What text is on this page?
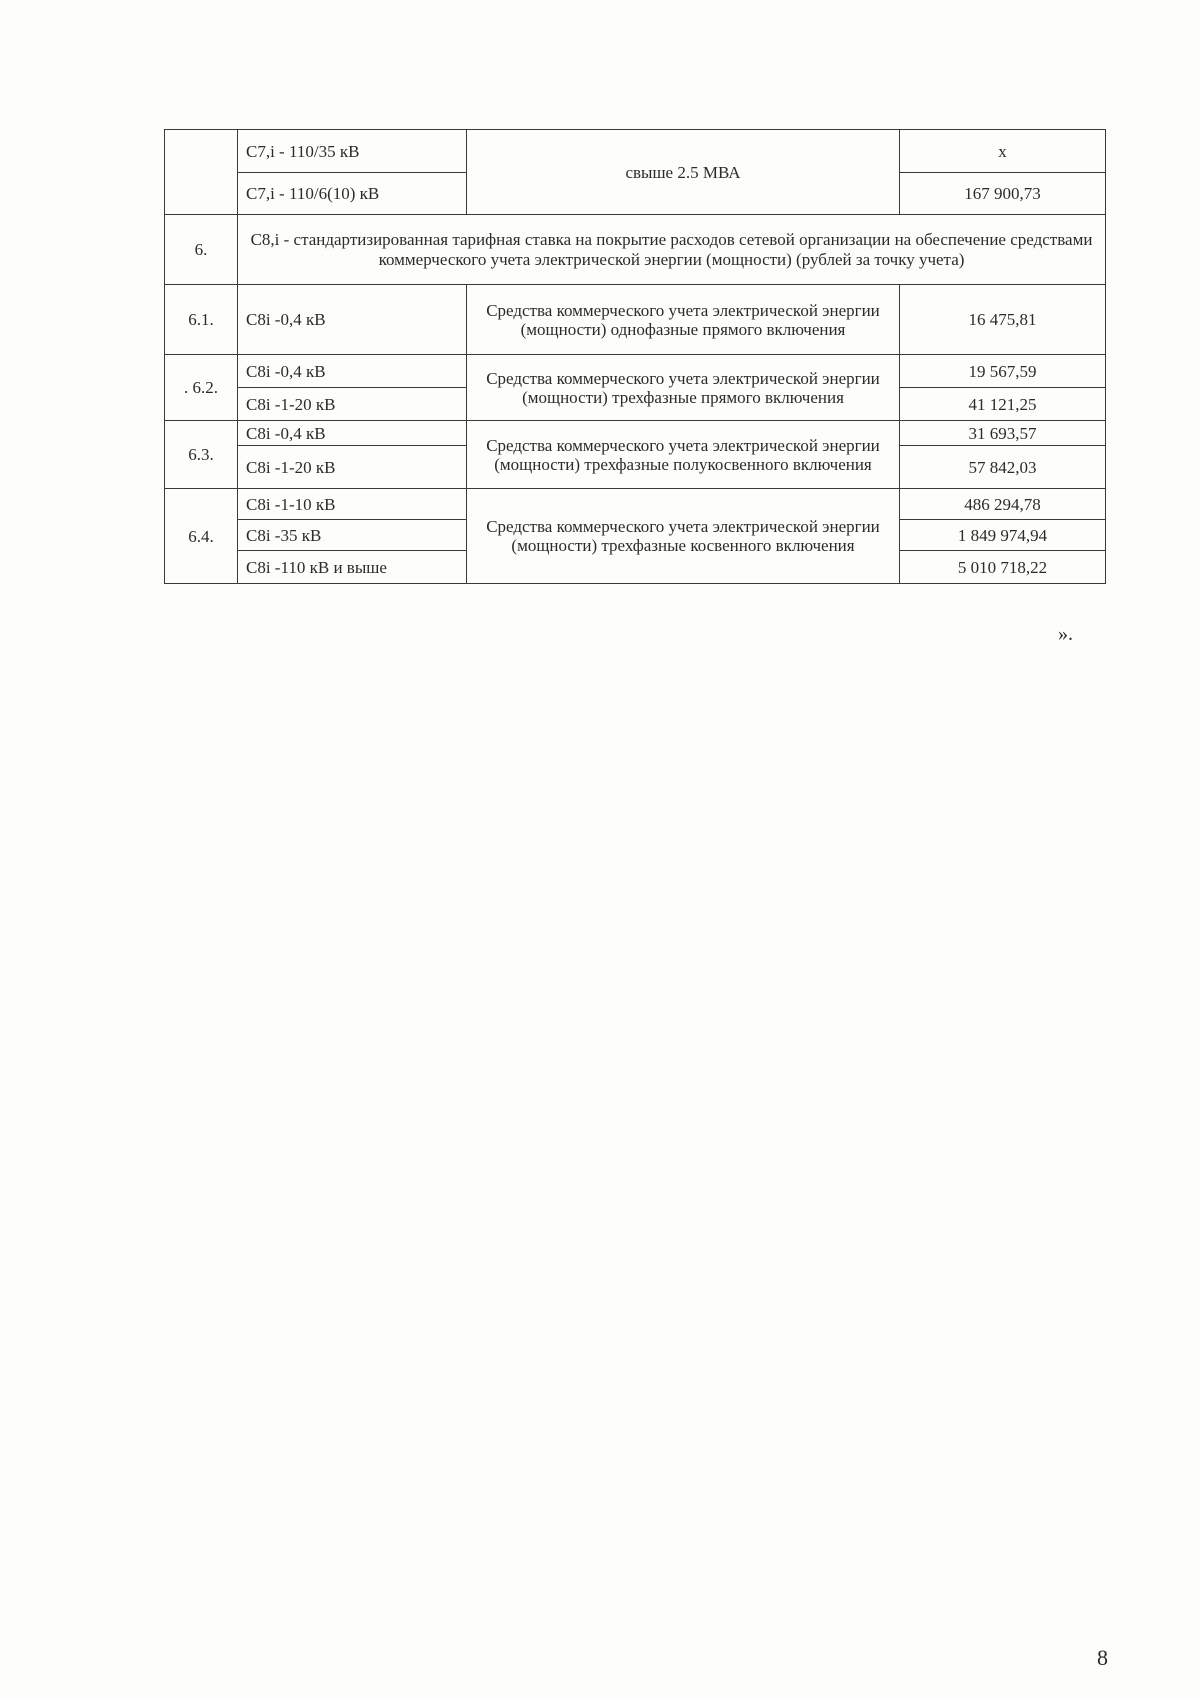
	C7,i - 110/35 кВ	свыше 2.5 МВА	х
	C7,i - 110/6(10) кВ		167 900,73
6.	C8,i - стандартизированная тарифная ставка на покрытие расходов сетевой организации на обеспечение средствами коммерческого учета электрической энергии (мощности) (рублей за точку учета)		
6.1.	C8i -0,4 кВ	Средства коммерческого учета электрической энергии (мощности) однофазные прямого включения	16 475,81
. 6.2.	C8i -0,4 кВ	Средства коммерческого учета электрической энергии (мощности) трехфазные прямого включения	19 567,59
	C8i -1-20 кВ		41 121,25
6.3.	C8i -0,4 кВ	Средства коммерческого учета электрической энергии (мощности) трехфазные полукосвенного включения	31 693,57
	C8i -1-20 кВ		57 842,03
6.4.	C8i -1-10 кВ	Средства коммерческого учета электрической энергии (мощности) трехфазные косвенного включения	486 294,78
	C8i -35 кВ		1 849 974,94
	C8i -110 кВ и выше		5 010 718,22
».
8
